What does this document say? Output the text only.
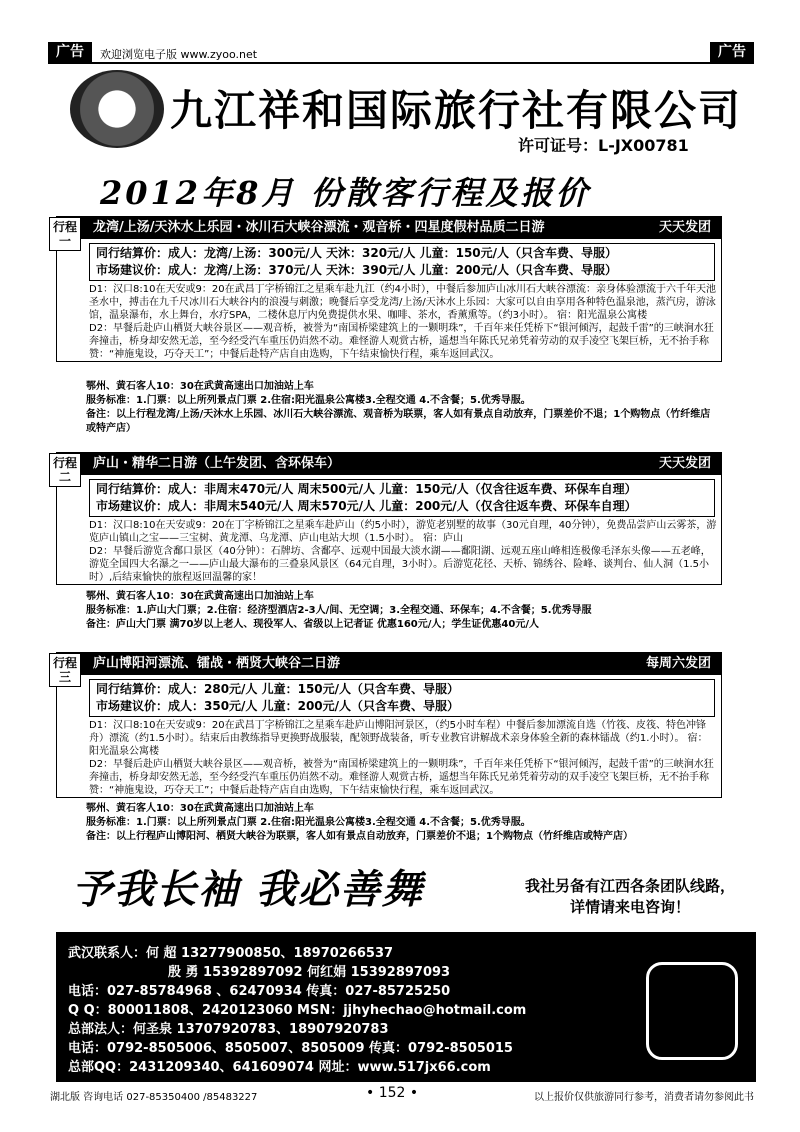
广告	欢迎浏览电子版 www.zyoo.net	广告
九江祥和国际旅行社有限公司
许可证号：L-JX00781
2012年8月 份散客行程及报价
行程一
龙湾/上汤/天沐水上乐园・冰川石大峡谷漂流・观音桥・四星度假村品质二日游	天天发团
同行结算价：成人：龙湾/上汤：300元/人 天沐：320元/人 儿童：150元/人（只含车费、导服）
市场建议价：成人：龙湾/上汤：370元/人 天沐：390元/人 儿童：200元/人（只含车费、导服）
D1：汉口8:10在天安或9：20在武昌丁字桥锦江之星乘车赴九江（约4小时），中餐后参加庐山冰川石大峡谷漂流：亲身体验漂流于六千年天池圣水中，搏击在九千尺冰川石大峡谷内的浪漫与刺激；晚餐后享受龙湾/上汤/天沐水上乐园：大家可以自由享用各种特色温泉池，蒸汽房，游泳馆，温泉瀑布，水上舞台，水疗SPA，二楼休息厅内免费提供水果、咖啡、茶水，香薰熏等。（约3小时）。 宿：阳光温泉公寓楼
D2：早餐后赴庐山栖贤大峡谷景区——观音桥，被誉为“南国桥梁建筑上的一颗明珠”，千百年来任凭桥下“银河倾泻，起鼓千雷”的三峡涧水狂奔撞击，桥身却安然无恙，至今经受汽车重压仍岿然不动。难怪游人观赏古桥，遥想当年陈氏兄弟凭着劳动的双手凌空飞架巨桥，无不抬手称赞：“神施鬼设，巧夺天工”；中餐后赴特产店自由选购，下午结束愉快行程，乘车返回武汉。
鄂州、黄石客人10：30在武黄高速出口加油站上车
服务标准：1.门票：以上所列景点门票 2.住宿:阳光温泉公寓楼3.全程交通 4.不含餐；5.优秀导服。
备注：以上行程龙湾/上汤/天沐水上乐园、冰川石大峡谷漂流、观音桥为联票，客人如有景点自动放弃，门票差价不退；1个购物点（竹纤维店或特产店）
行程二
庐山・精华二日游（上午发团、含环保车）	天天发团
同行结算价：成人：非周末470元/人 周末500元/人 儿童：150元/人（仅含往返车费、环保车自理）
市场建议价：成人：非周末540元/人 周末570元/人 儿童：200元/人（仅含往返车费、环保车自理）
D1：汉口8:10在天安或9：20在丁字桥锦江之星乘车赴庐山（约5小时），游览老别墅的故事（30元自理，40分钟），免费品尝庐山云雾茶，游览庐山镇山之宝——三宝树、黄龙潭、乌龙潭、庐山电站大坝（1.5小时）。 宿：庐山
D2：早餐后游览含鄱口景区（40分钟）：石牌坊、含鄱亭、远观中国最大淡水湖——鄱阳湖、远观五座山峰相连极像毛泽东头像——五老峰，游览全国四大名瀑之一——庐山最大瀑布的三叠泉风景区（64元自理，3小时）。后游览花径、天桥、锦绣谷、险峰、谈判台、仙人洞（1.5小时）,后结束愉快的旅程返回温馨的家！
鄂州、黄石客人10：30在武黄高速出口加油站上车
服务标准：1.庐山大门票；2.住宿：经济型酒店2-3人/间、无空调；3.全程交通、环保车；4.不含餐；5.优秀导服
备注：庐山大门票 满70岁以上老人、现役军人、省级以上记者证 优惠160元/人；学生证优惠40元/人
行程三
庐山博阳河漂流、镭战・栖贤大峡谷二日游	每周六发团
同行结算价：成人：280元/人 儿童：150元/人（只含车费、导服）
市场建议价：成人：350元/人 儿童：200元/人（只含车费、导服）
D1：汉口8:10在天安或9：20在武昌丁字桥锦江之星乘车赴庐山博阳河景区，（约5小时车程）中餐后参加漂流自选（竹筏、皮筏、特色冲锋舟）漂流（约1.5小时）。结束后由教练指导更换野战服装，配领野战装备，听专业教官讲解战术亲身体验全新的森林镭战（约1.小时）。 宿：阳光温泉公寓楼
D2：早餐后赴庐山栖贤大峡谷景区——观音桥，被誉为“南国桥梁建筑上的一颗明珠”，千百年来任凭桥下“银河倾泻，起鼓千雷”的三峡涧水狂奔撞击，桥身却安然无恙，至今经受汽车重压仍岿然不动。难怪游人观赏古桥，遥想当年陈氏兄弟凭着劳动的双手凌空飞架巨桥，无不抬手称赞：“神施鬼设，巧夺天工”；中餐后赴特产店自由选购，下午结束愉快行程，乘车返回武汉。
鄂州、黄石客人10：30在武黄高速出口加油站上车
服务标准：1.门票：以上所列景点门票 2.住宿:阳光温泉公寓楼3.全程交通 4.不含餐；5.优秀导服。
备注：以上行程庐山博阳河、栖贤大峡谷为联票，客人如有景点自动放弃，门票差价不退；1个购物点（竹纤维店或特产店）
予我长袖 我必善舞	我社另备有江西各条团队线路，
详情请来电咨询！
武汉联系人：何 超 13277900850、18970266537
殷 勇 15392897092 何红娟 15392897093
电话：027-85784968 、62470934 传真：027-85725250
Q Q：800011808、2420123060 MSN：jjhyhechao@hotmail.com
总部法人：何圣泉 13707920783、18907920783
电话：0792-8505006、8505007、8505009 传真：0792-8505015
总部QQ：2431209340、641609074 网址：www.517jx66.com
湖北版 咨询电话 027-85350400 /85483227	• 152 •	以上报价仅供旅游同行参考，消费者请勿参阅此书
